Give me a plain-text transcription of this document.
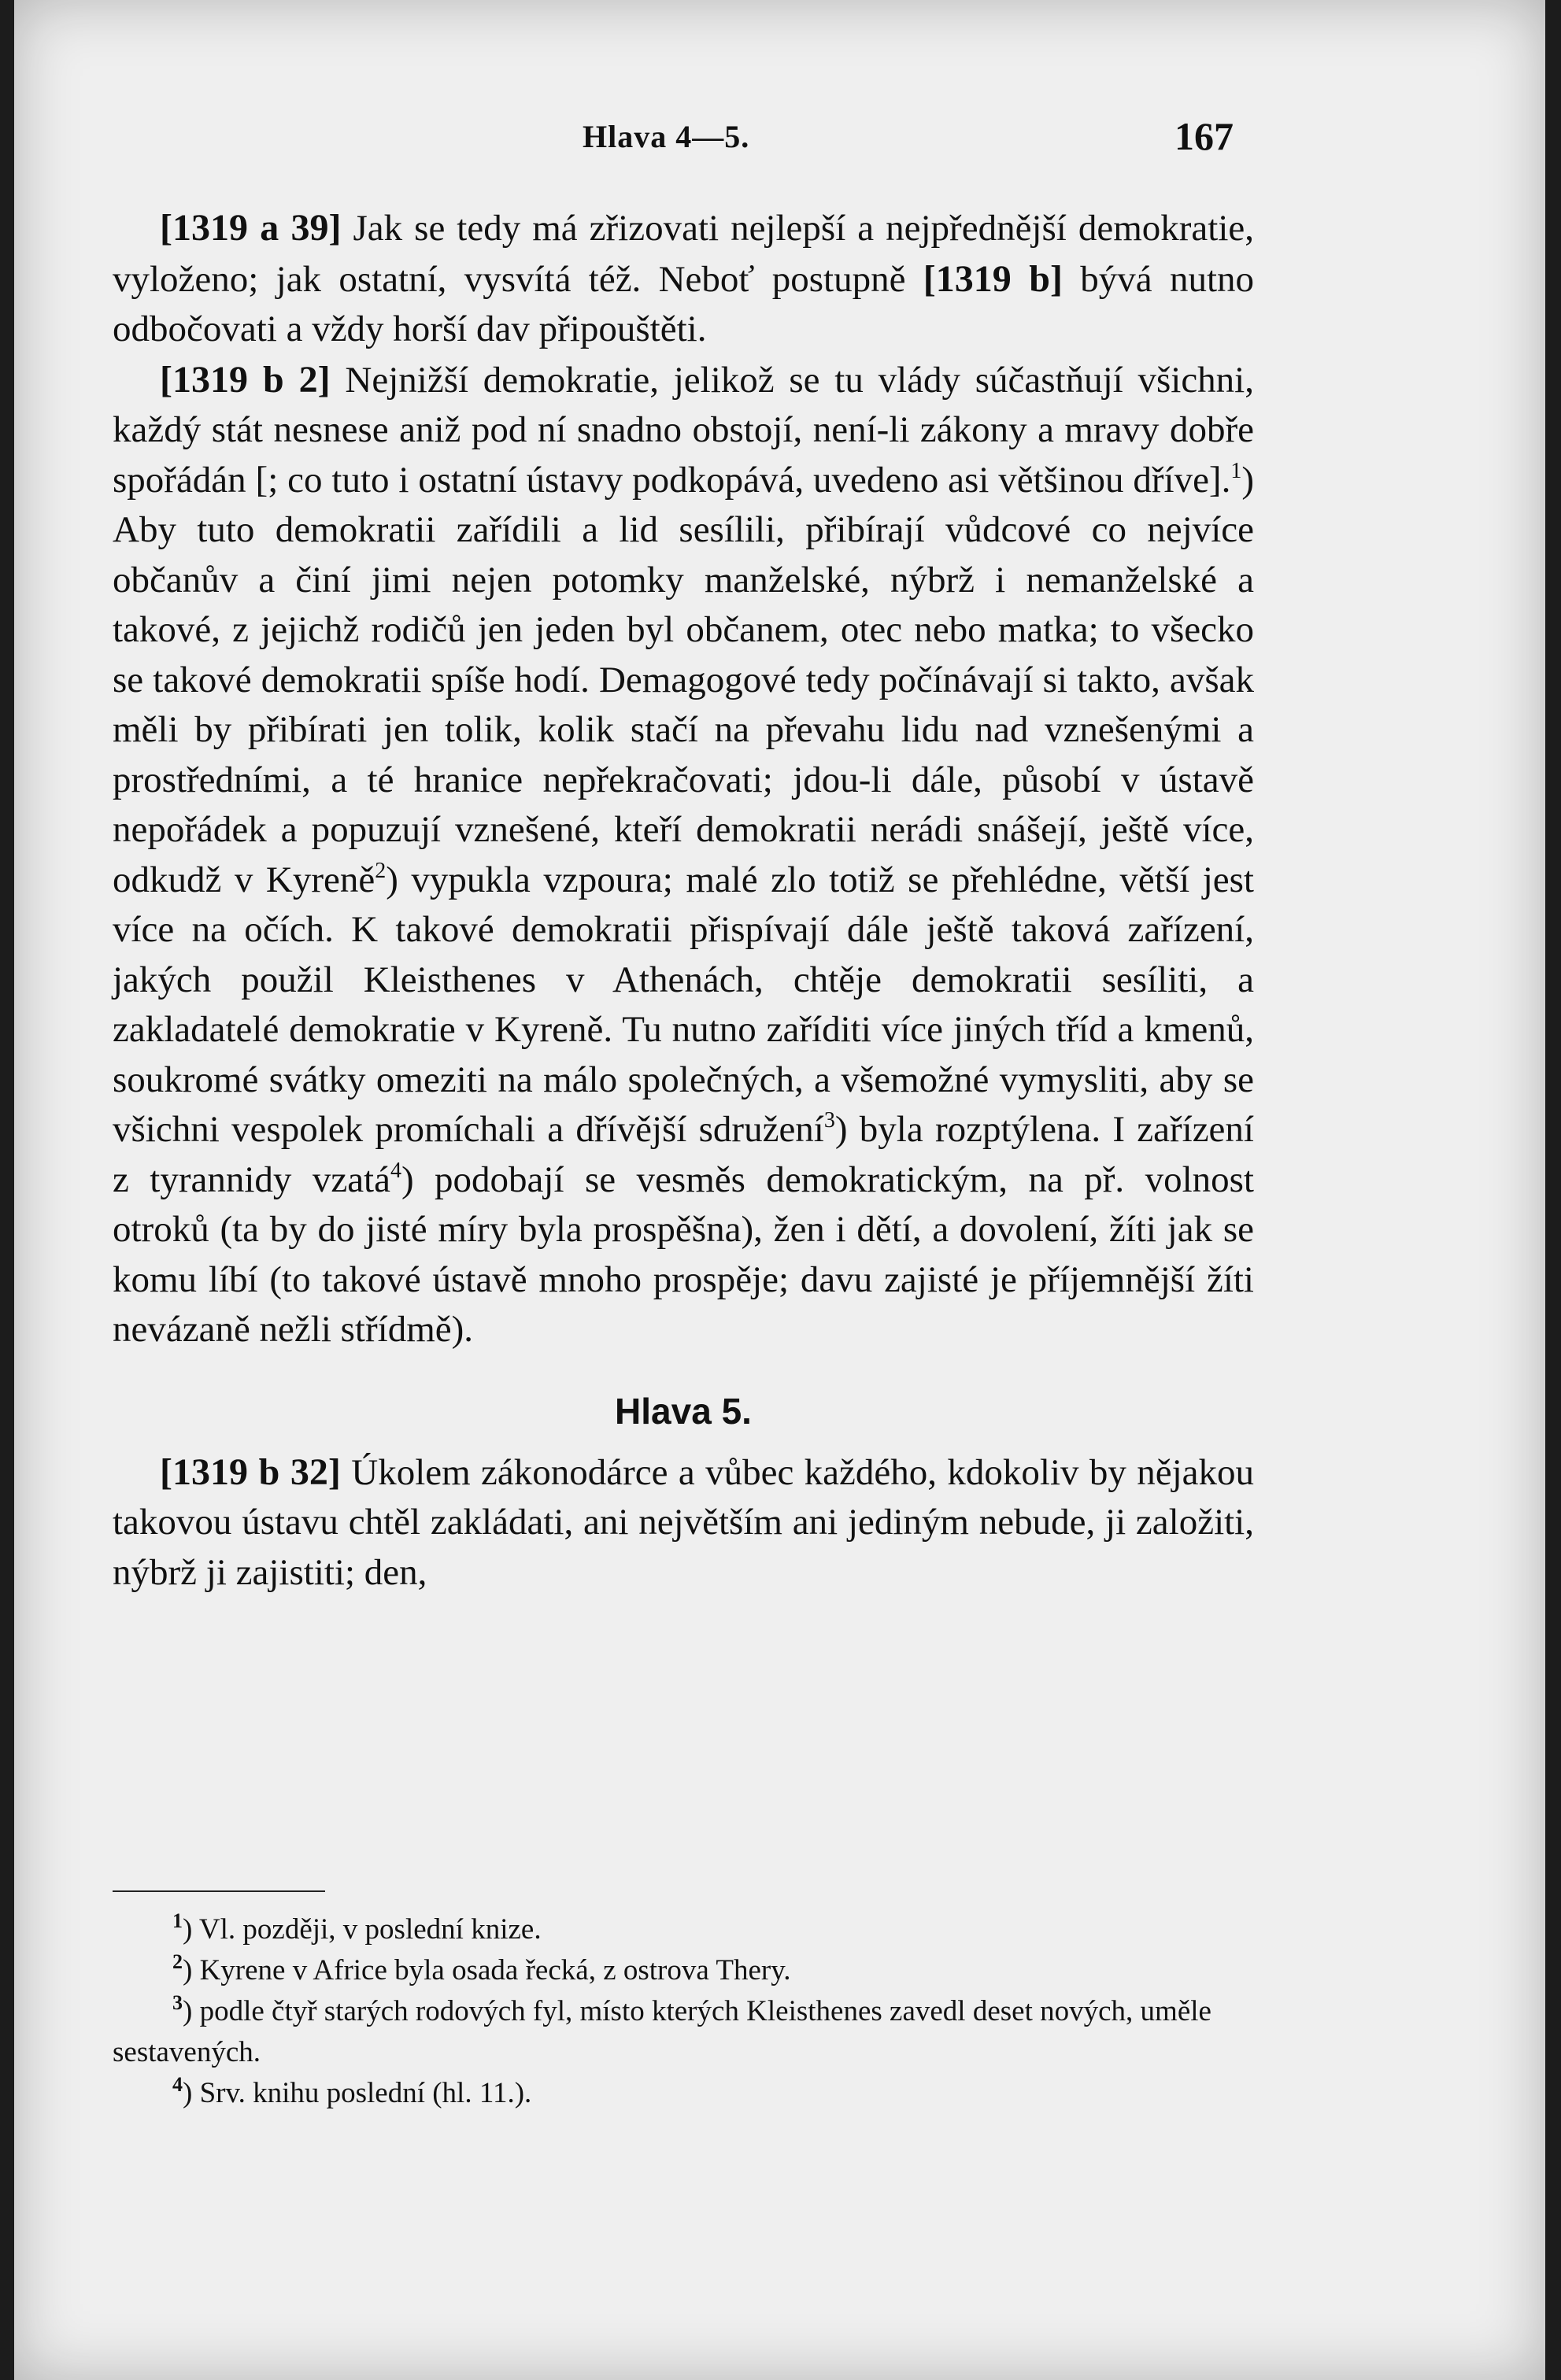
Hlava 4—5.	167

[1319 a 39] Jak se tedy má zřizovati nejlepší a nejpřednější demokratie, vyloženo; jak ostatní, vysvítá též. Neboť postupně [1319 b] bývá nutno odbočovati a vždy horší dav připouštěti.

[1319 b 2] Nejnižší demokratie, jelikož se tu vlády súčastňují všichni, každý stát nesnese aniž pod ní snadno obstojí, není-li zákony a mravy dobře spořádán [; co tuto i ostatní ústavy podkopává, uvedeno asi většinou dříve].$^1$) Aby tuto demokratii zařídili a lid sesílili, přibírají vůdcové co nejvíce občanův a činí jimi nejen potomky manželské, nýbrž i nemanželské a takové, z jejichž rodičů jen jeden byl občanem, otec nebo matka; to všecko se takové demokratii spíše hodí. Demagogové tedy počínávají si takto, avšak měli by přibírati jen tolik, kolik stačí na převahu lidu nad vznešenými a prostředními, a té hranice nepřekračovati; jdou-li dále, působí v ústavě nepořádek a popuzují vznešené, kteří demokratii nerádi snášejí, ještě více, odkudž v Kyreně$^2$) vypukla vzpoura; malé zlo totiž se přehlédne, větší jest více na očích. K takové demokratii přispívají dále ještě taková zařízení, jakých použil Kleisthenes v Athenách, chtěje demokratii sesíliti, a zakladatelé demokratie v Kyreně. Tu nutno zaříditi více jiných tříd a kmenů, soukromé svátky omeziti na málo společných, a všemožné vymysliti, aby se všichni vespolek promíchali a dřívější sdružení$^3$) byla rozptýlena. I zařízení z tyrannidy vzatá$^4$) podobají se vesměs demokratickým, na př. volnost otroků (ta by do jisté míry byla prospěšna), žen i dětí, a dovolení, žíti jak se komu líbí (to takové ústavě mnoho prospěje; davu zajisté je příjemnější žíti nevázaně nežli střídmě).

Hlava 5.

[1319 b 32] Úkolem zákonodárce a vůbec každého, kdokoliv by nějakou takovou ústavu chtěl zakládati, ani největším ani jediným nebude, ji založiti, nýbrž ji zajistiti; den,

$^1$) Vl. později, v poslední knize.

$^2$) Kyrene v Africe byla osada řecká, z ostrova Thery.

$^3$) podle čtyř starých rodových fyl, místo kterých Kleisthenes zavedl deset nových, uměle sestavených.

$^4$) Srv. knihu poslední (hl. 11.).
